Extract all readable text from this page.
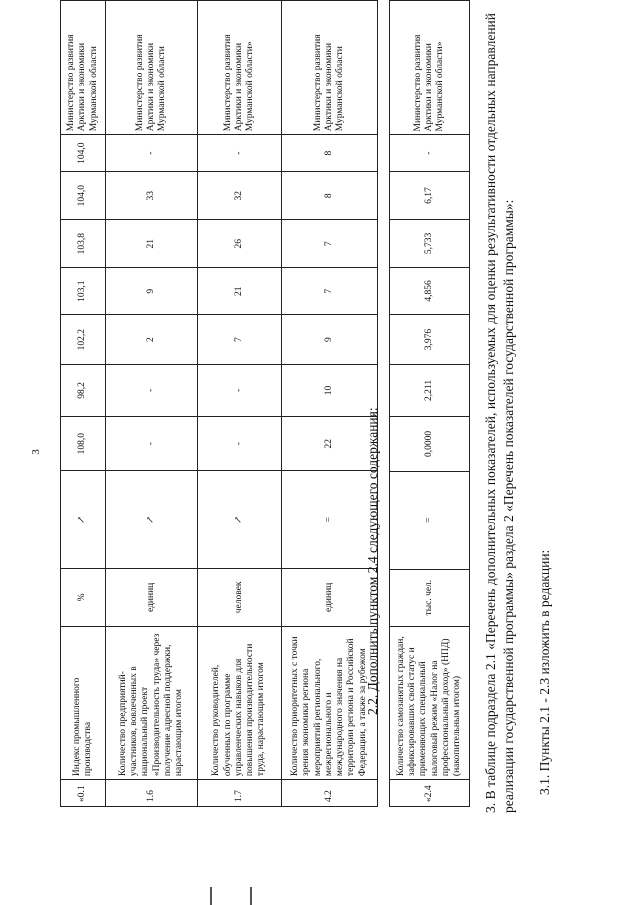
3
«0.1	Индекс промышленного производства	%	↗	108,0	98,2	102,2	103,1	103,8	104,0	104,0	Министерство развития Арктики и экономики Мурманской области
1.6	Количество предприятий-участников, вовлеченных в национальный проект «Производительность труда» через получение адресной поддержки, нарастающим итогом	единиц	↗	-	-	2	9	21	33	-	Министерство развития Арктики и экономики Мурманской области
1.7	Количество руководителей, обученных по программе управленческих навыков для повышения производительности труда, нарастающим итогом	человек	↗	-	-	7	21	26	32	-	Министерство развития Арктики и экономики Мурманской области»
4.2	Количество приоритетных с точки зрения экономики региона мероприятий регионального, межрегионального и международного значения на территории региона и Российской Федерации, а также за рубежом	единиц	=	22	10	9	7	7	8	8	Министерство развития Арктики и экономики Мурманской области
2.2. Дополнить пунктом 2.4 следующего содержания:
«2.4	Количество самозанятых граждан, зафиксировавших свой статус и применяющих специальный налоговый режим «Налог на профессиональный доход» (НПД) (накопительным итогом)	тыс. чел.	=	0,0000	2,211	3,976	4,856	5,733	6,17	-	Министерство развития Арктики и экономики Мурманской области»	3. В таблице подраздела 2.1 «Перечень дополнительных показателей, используемых для оценки результативности отдельных направлений реализации государственной программы» раздела 2 «Перечень показателей государственной программы»: 3.1. Пункты 2.1 - 2.3 изложить в редакции:
